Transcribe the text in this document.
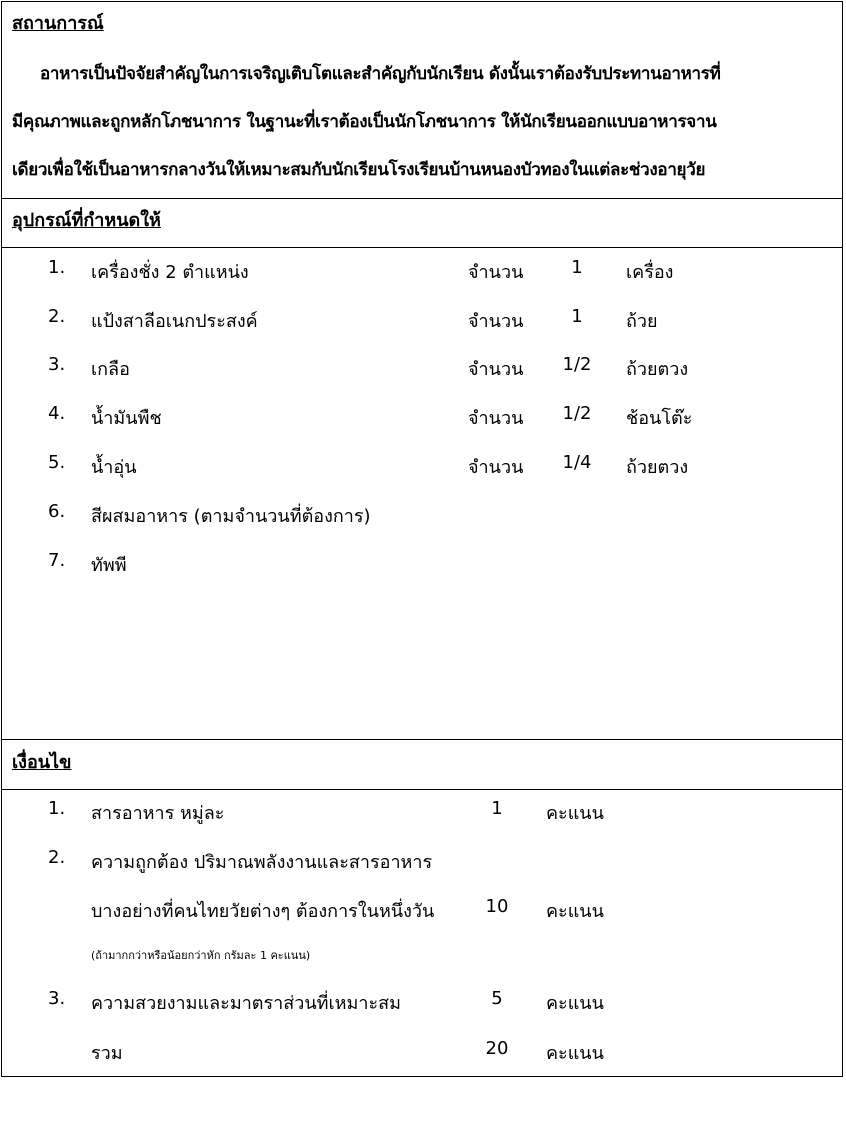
สถานการณ์
อาหารเป็นปัจจัยสำคัญในการเจริญเติบโตและสำคัญกับนักเรียน ดังนั้นเราต้องรับประทานอาหารที่
มีคุณภาพและถูกหลักโภชนาการ ในฐานะที่เราต้องเป็นนักโภชนาการ ให้นักเรียนออกแบบอาหารจาน
เดียวเพื่อใช้เป็นอาหารกลางวันให้เหมาะสมกับนักเรียนโรงเรียนบ้านหนองบัวทองในแต่ละช่วงอายุวัย
อุปกรณ์ที่กำหนดให้
1. เครื่องชั่ง 2 ตำแหน่ง	จำนวน	1	เครื่อง
2. แป้งสาลีอเนกประสงค์	จำนวน	1	ถ้วย
3. เกลือ	จำนวน 1/2 ถ้วยตวง
4. น้ำมันพืช	จำนวน 1/2 ช้อนโต๊ะ
5. น้ำอุ่น	จำนวน 1/4 ถ้วยตวง
6. สีผสมอาหาร (ตามจำนวนที่ต้องการ)
7. ทัพพี
เงื่อนไข
1. สารอาหาร หมู่ละ	1	คะแนน
2. ความถูกต้อง ปริมาณพลังงานและสารอาหาร
บางอย่างที่คนไทยวัยต่างๆ ต้องการในหนึ่งวัน	10	คะแนน
(ถ้ามากกว่าหรือน้อยกว่าหัก กรัมละ 1 คะแนน)
3. ความสวยงามและมาตราส่วนที่เหมาะสม	5	คะแนน
รวม	20	คะแนน
